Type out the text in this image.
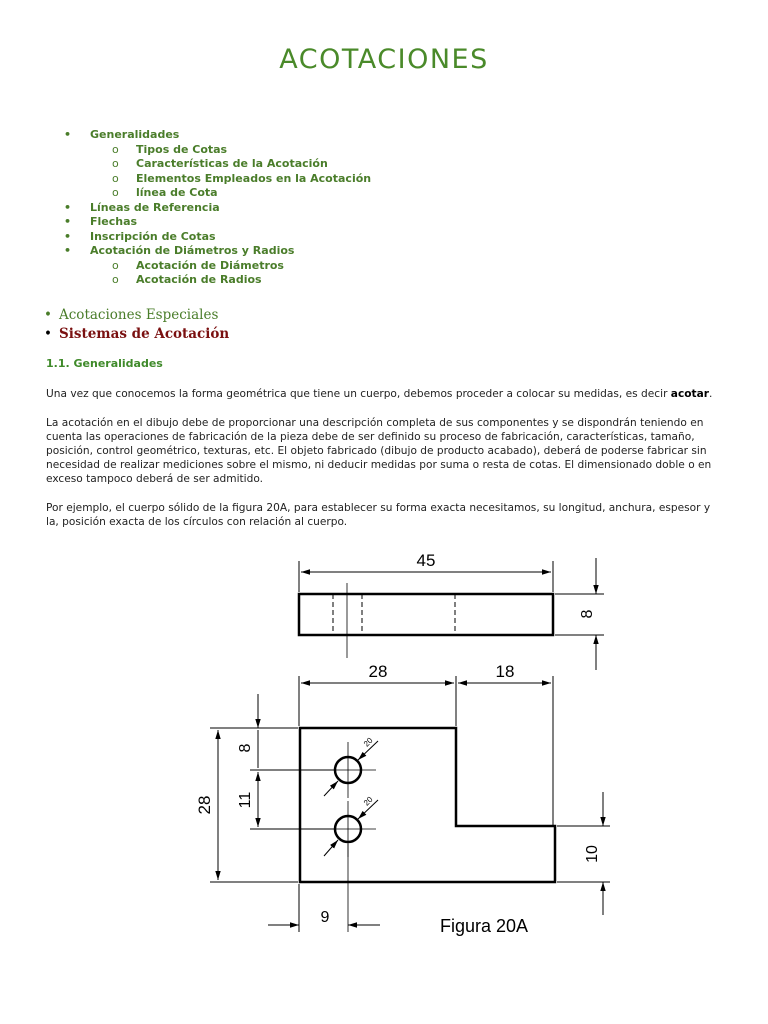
ACOTACIONES
• Generalidades
o Tipos de Cotas
o Características de la Acotación
o Elementos Empleados en la Acotación
o línea de Cota
• Líneas de Referencia
• Flechas
• Inscripción de Cotas
• Acotación de Diámetros y Radios
o Acotación de Diámetros
o Acotación de Radios
• Acotaciones Especiales
• Sistemas de Acotación
1.1. Generalidades
Una vez que conocemos la forma geométrica que tiene un cuerpo, debemos proceder a colocar su medidas, es decir acotar.
La acotación en el dibujo debe de proporcionar una descripción completa de sus componentes y se dispondrán teniendo en cuenta las operaciones de fabricación de la pieza debe de ser definido su proceso de fabricación, características, tamaño, posición, control geométrico, texturas, etc. El objeto fabricado (dibujo de producto acabado), deberá de poderse fabricar sin necesidad de realizar mediciones sobre el mismo, ni deducir medidas por suma o resta de cotas. El dimensionado doble o en exceso tampoco deberá de ser admitido.
Por ejemplo, el cuerpo sólido de la figura 20A, para establecer su forma exacta necesitamos, su longitud, anchura, espesor y la, posición exacta de los círculos con relación al cuerpo.
45
8
28	18
28
8
11
10
9
20
20
Figura 20A
